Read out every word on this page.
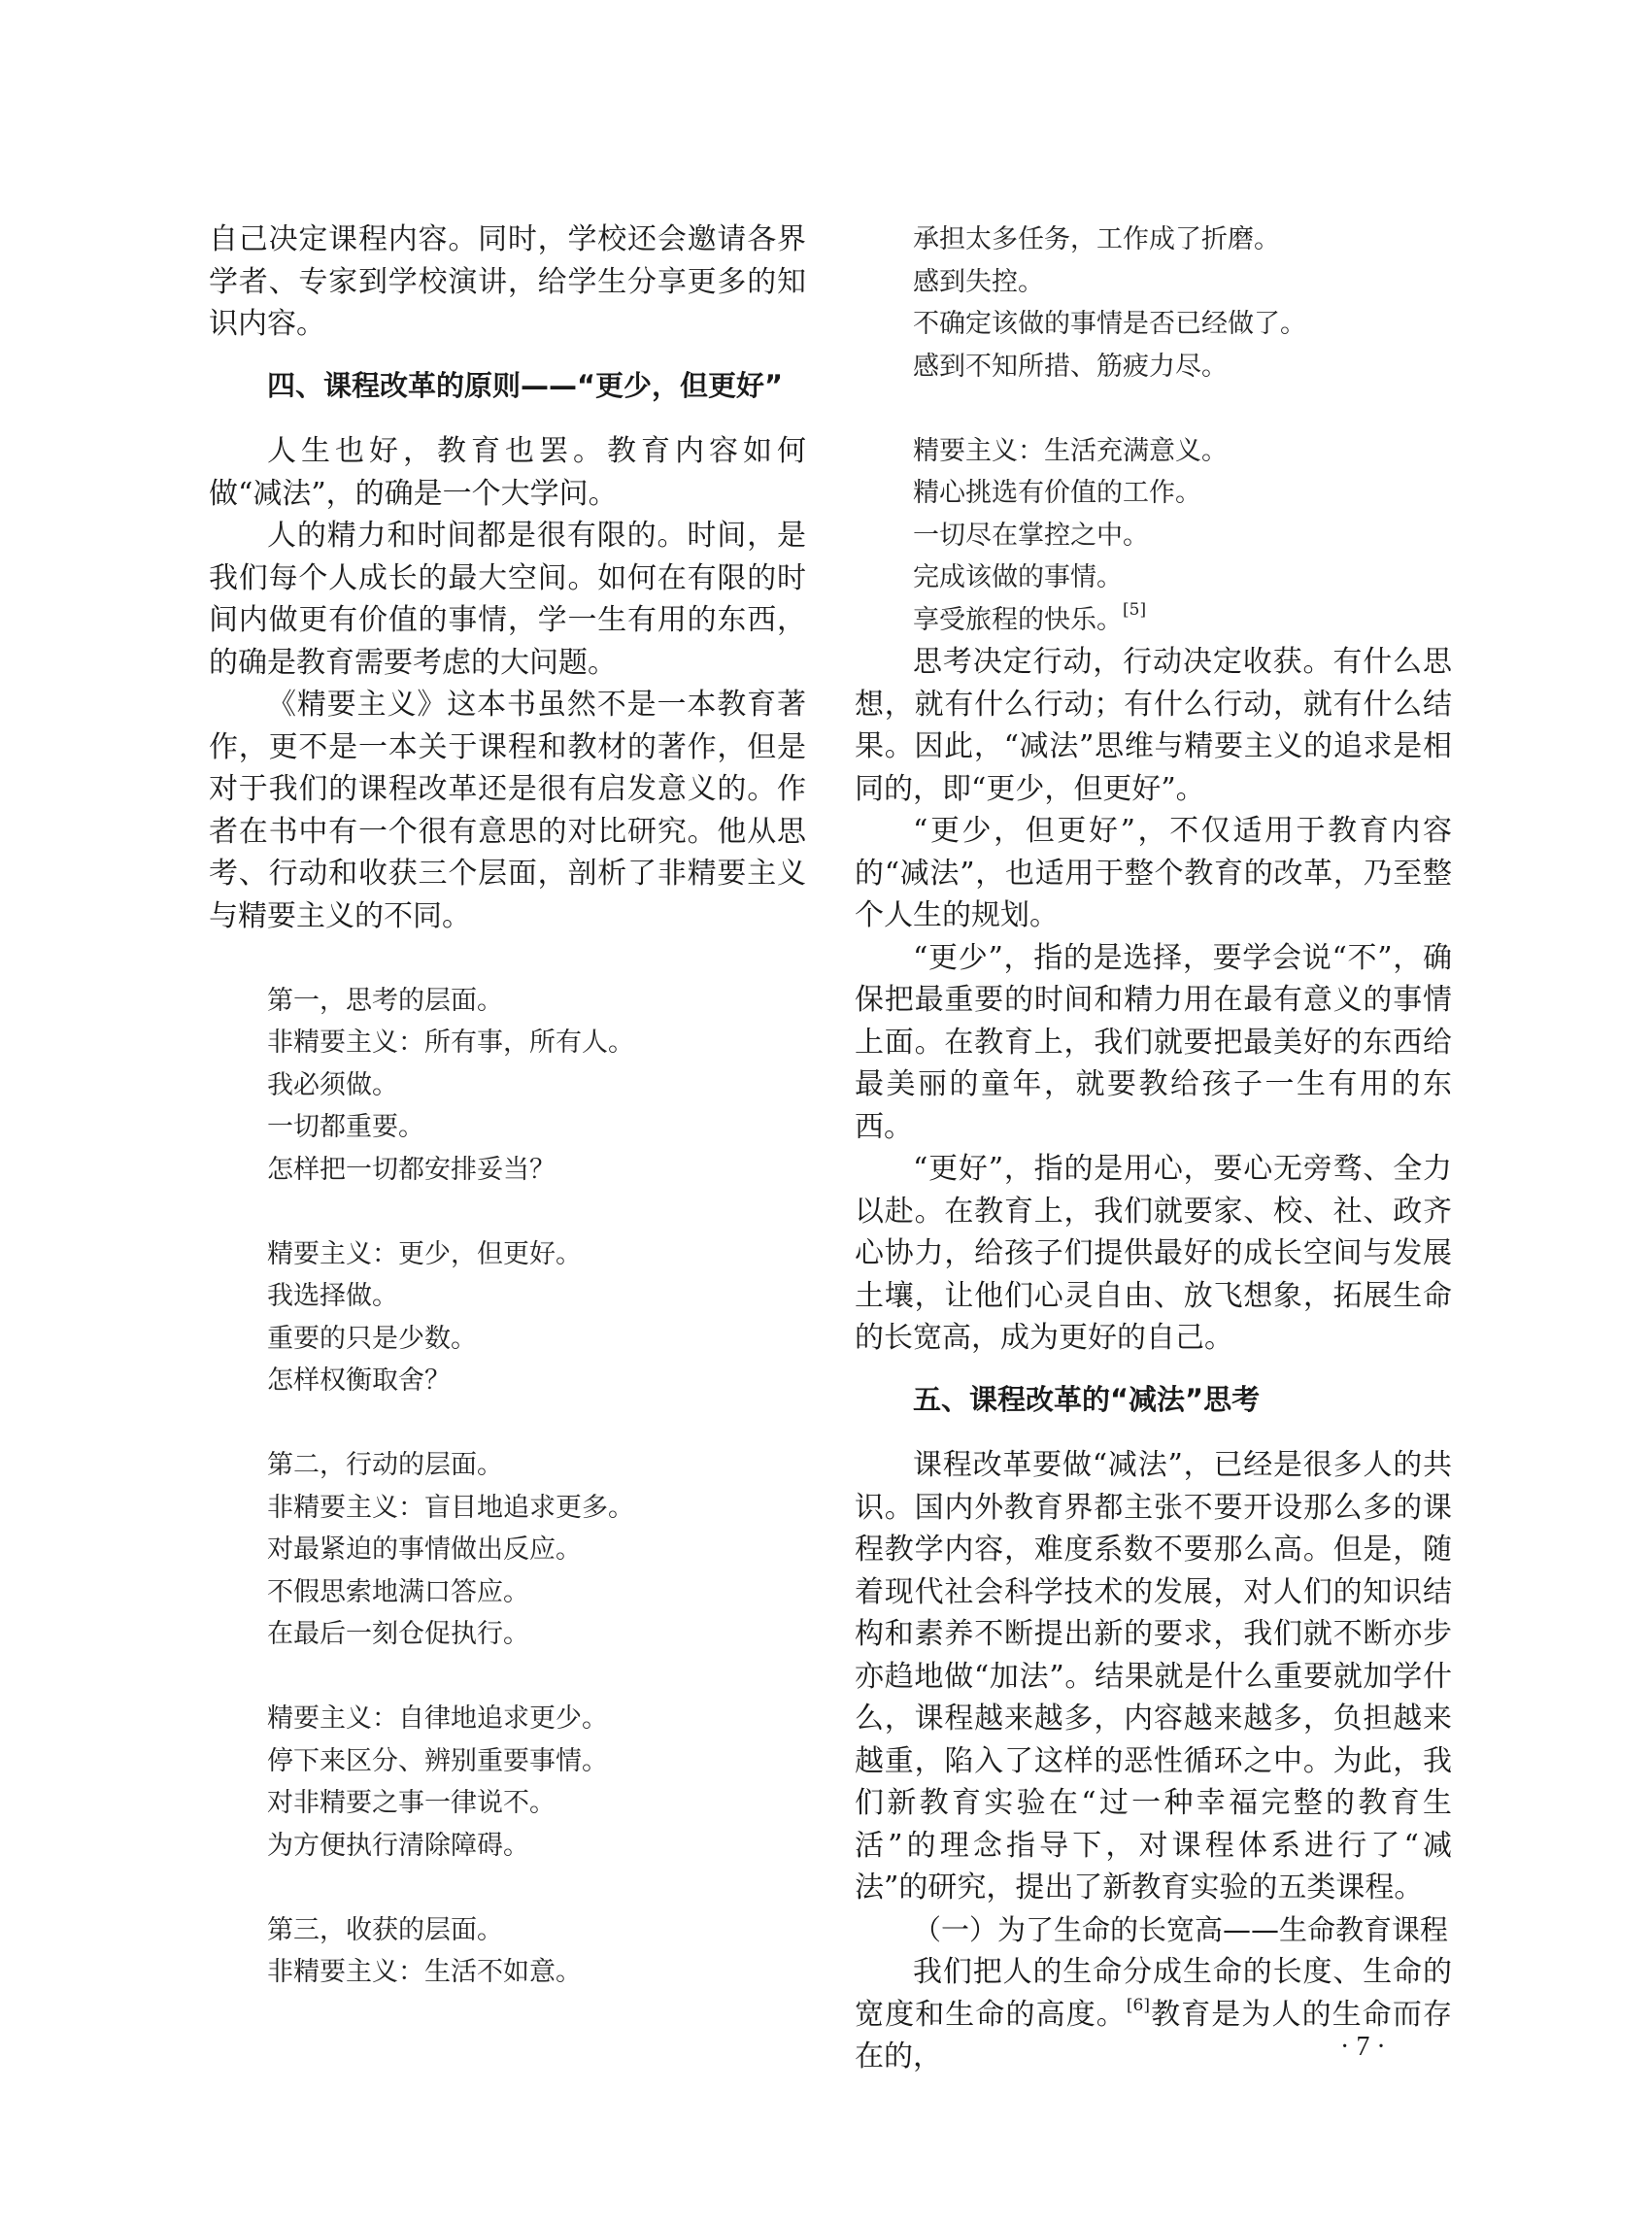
自己决定课程内容。同时，学校还会邀请各界学者、专家到学校演讲，给学生分享更多的知识内容。

四、课程改革的原则——“更少，但更好”

人生也好，教育也罢。教育内容如何做“减法”，的确是一个大学问。

人的精力和时间都是很有限的。时间，是我们每个人成长的最大空间。如何在有限的时间内做更有价值的事情，学一生有用的东西，的确是教育需要考虑的大问题。

《精要主义》这本书虽然不是一本教育著作，更不是一本关于课程和教材的著作，但是对于我们的课程改革还是很有启发意义的。作者在书中有一个很有意思的对比研究。他从思考、行动和收获三个层面，剖析了非精要主义与精要主义的不同。

第一，思考的层面。
非精要主义：所有事，所有人。
我必须做。
一切都重要。
怎样把一切都安排妥当？
精要主义：更少，但更好。
我选择做。
重要的只是少数。
怎样权衡取舍？
第二，行动的层面。
非精要主义：盲目地追求更多。
对最紧迫的事情做出反应。
不假思索地满口答应。
在最后一刻仓促执行。
精要主义：自律地追求更少。
停下来区分、辨别重要事情。
对非精要之事一律说不。
为方便执行清除障碍。
第三，收获的层面。
非精要主义：生活不如意。
承担太多任务，工作成了折磨。
感到失控。
不确定该做的事情是否已经做了。
感到不知所措、筋疲力尽。
精要主义：生活充满意义。
精心挑选有价值的工作。
一切尽在掌控之中。
完成该做的事情。
享受旅程的快乐。[5]

思考决定行动，行动决定收获。有什么思想，就有什么行动；有什么行动，就有什么结果。因此，“减法”思维与精要主义的追求是相同的，即“更少，但更好”。

“更少，但更好”，不仅适用于教育内容的“减法”，也适用于整个教育的改革，乃至整个人生的规划。

“更少”，指的是选择，要学会说“不”，确保把最重要的时间和精力用在最有意义的事情上面。在教育上，我们就要把最美好的东西给最美丽的童年，就要教给孩子一生有用的东西。

“更好”，指的是用心，要心无旁骛、全力以赴。在教育上，我们就要家、校、社、政齐心协力，给孩子们提供最好的成长空间与发展土壤，让他们心灵自由、放飞想象，拓展生命的长宽高，成为更好的自己。

五、课程改革的“减法”思考

课程改革要做“减法”，已经是很多人的共识。国内外教育界都主张不要开设那么多的课程教学内容，难度系数不要那么高。但是，随着现代社会科学技术的发展，对人们的知识结构和素养不断提出新的要求，我们就不断亦步亦趋地做“加法”。结果就是什么重要就加学什么，课程越来越多，内容越来越多，负担越来越重，陷入了这样的恶性循环之中。为此，我们新教育实验在“过一种幸福完整的教育生活”的理念指导下，对课程体系进行了“减法”的研究，提出了新教育实验的五类课程。

（一）为了生命的长宽高——生命教育课程

我们把人的生命分成生命的长度、生命的宽度和生命的高度。[6]教育是为人的生命而存在的，	· 7 ·
